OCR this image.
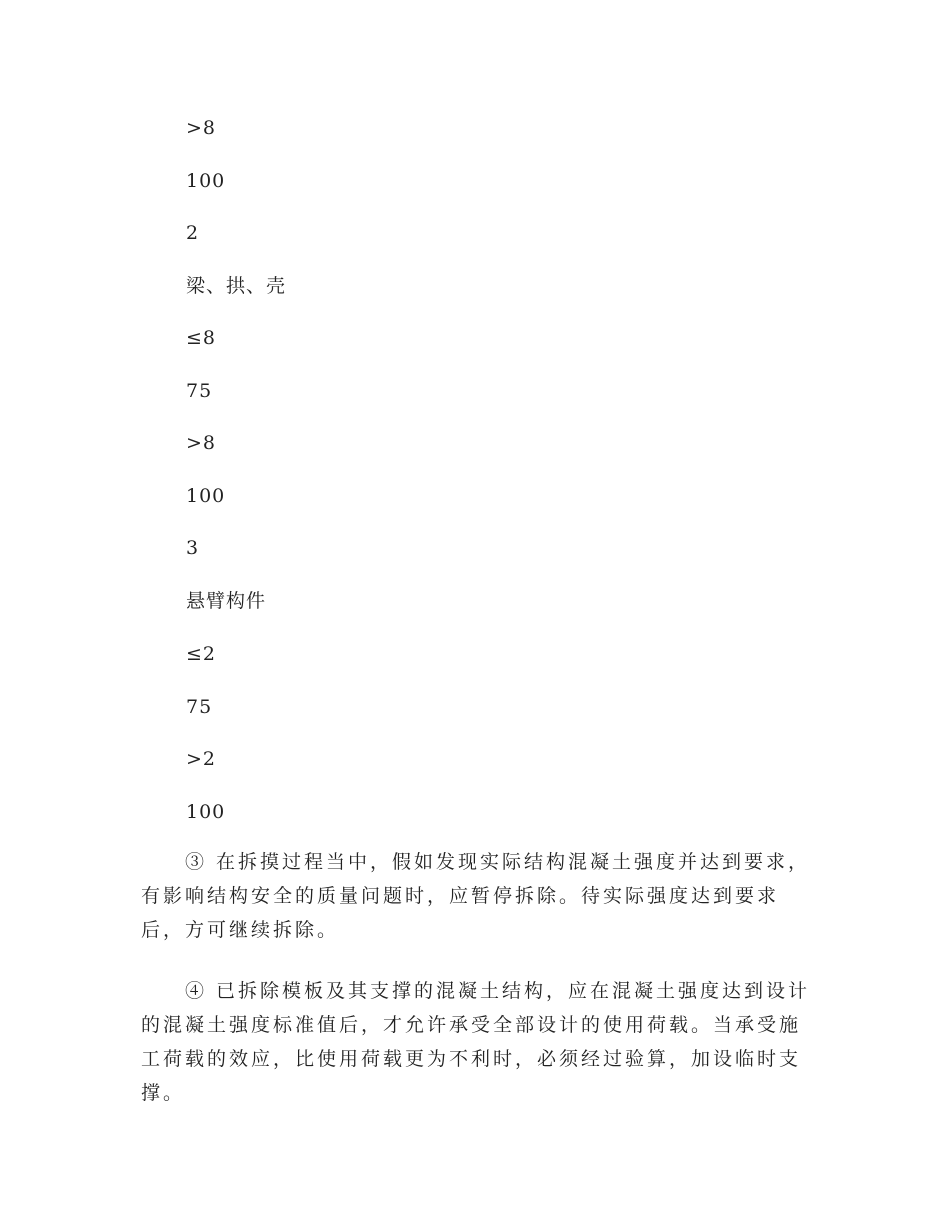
>8
100
2
梁、拱、壳
≤8
75
>8
100
3
悬臂构件
≤2
75
>2
100
③ 在拆摸过程当中，假如发现实际结构混凝土强度并达到要求，有影响结构安全的质量问题时，应暂停拆除。待实际强度达到要求后，方可继续拆除。
④ 已拆除模板及其支撑的混凝土结构，应在混凝土强度达到设计的混凝土强度标准值后，才允许承受全部设计的使用荷载。当承受施工荷载的效应，比使用荷载更为不利时，必须经过验算，加设临时支撑。
